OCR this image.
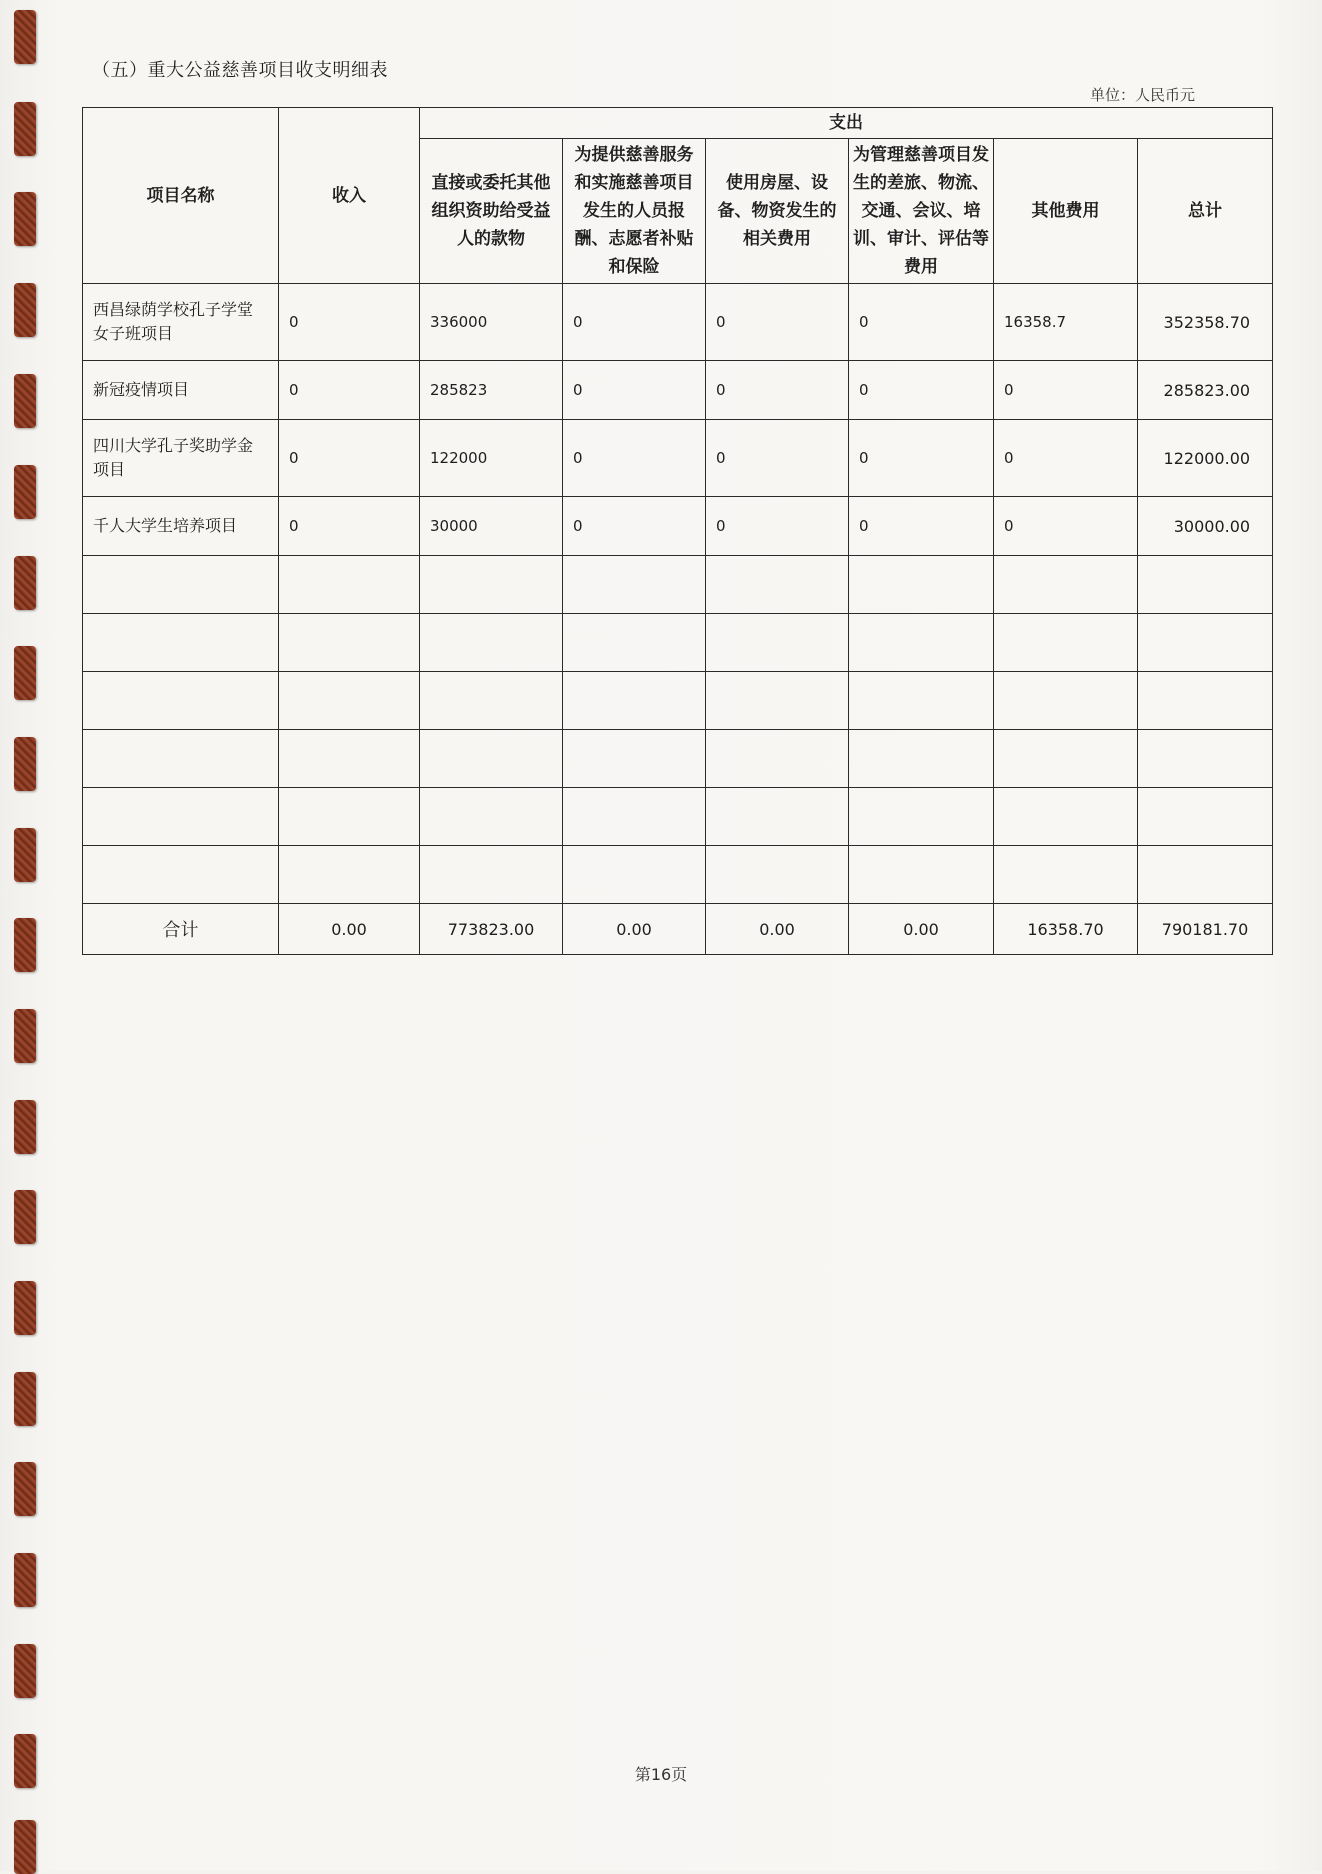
（五）重大公益慈善项目收支明细表
单位：人民币元
项目名称	收入	支出					
		直接或委托其他组织资助给受益人的款物	为提供慈善服务和实施慈善项目发生的人员报酬、志愿者补贴和保险	使用房屋、设备、物资发生的相关费用	为管理慈善项目发生的差旅、物流、交通、会议、培训、审计、评估等费用	其他费用	总计
西昌绿荫学校孔子学堂女子班项目	0	336000	0	0	0	16358.7	352358.70
新冠疫情项目	0	285823	0	0	0	0	285823.00
四川大学孔子奖助学金项目	0	122000	0	0	0	0	122000.00
千人大学生培养项目	0	30000	0	0	0	0	30000.00

合计	0.00	773823.00	0.00	0.00	0.00	16358.70	790181.70
第16页
